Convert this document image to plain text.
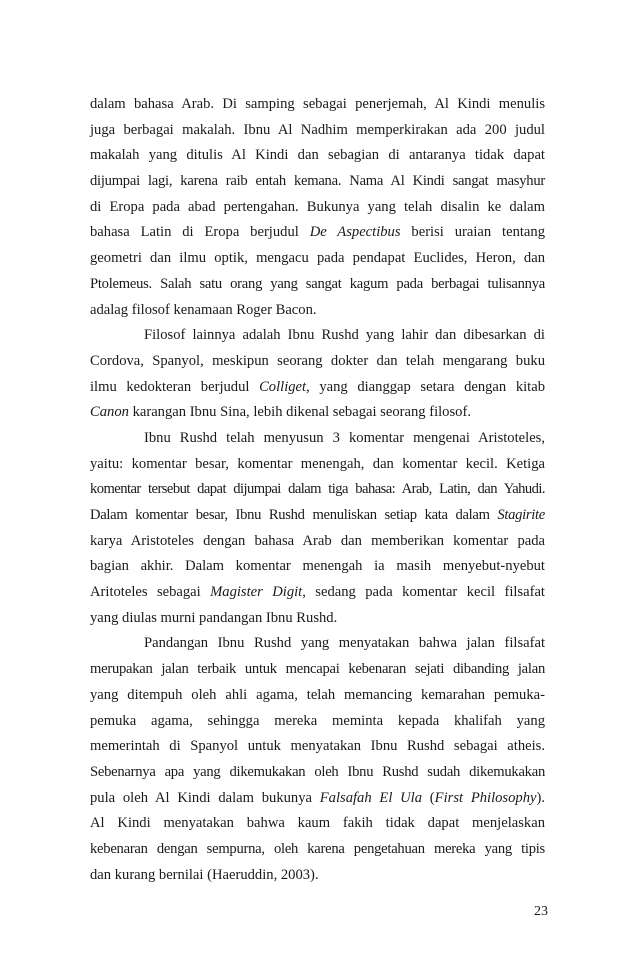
dalam bahasa Arab. Di samping sebagai penerjemah, Al Kindi menulis
juga berbagai makalah. Ibnu Al Nadhim memperkirakan ada 200 judul
makalah yang ditulis Al Kindi dan sebagian di antaranya tidak dapat
dijumpai lagi, karena raib entah kemana. Nama Al Kindi sangat masyhur
di Eropa pada abad pertengahan. Bukunya yang telah disalin ke dalam
bahasa Latin di Eropa berjudul De Aspectibus berisi uraian tentang
geometri dan ilmu optik, mengacu pada pendapat Euclides, Heron, dan
Ptolemeus. Salah satu orang yang sangat kagum pada berbagai tulisannya
adalag filosof kenamaan Roger Bacon.
Filosof lainnya adalah Ibnu Rushd yang lahir dan dibesarkan di
Cordova, Spanyol, meskipun seorang dokter dan telah mengarang buku
ilmu kedokteran berjudul Colliget, yang dianggap setara dengan kitab
Canon karangan Ibnu Sina, lebih dikenal sebagai seorang filosof.
Ibnu Rushd telah menyusun 3 komentar mengenai Aristoteles,
yaitu: komentar besar, komentar menengah, dan komentar kecil. Ketiga
komentar tersebut dapat dijumpai dalam tiga bahasa: Arab, Latin, dan Yahudi.
Dalam komentar besar, Ibnu Rushd menuliskan setiap kata dalam Stagirite
karya Aristoteles dengan bahasa Arab dan memberikan komentar pada
bagian akhir. Dalam komentar menengah ia masih menyebut-nyebut
Aritoteles sebagai Magister Digit, sedang pada komentar kecil filsafat
yang diulas murni pandangan Ibnu Rushd.
Pandangan Ibnu Rushd yang menyatakan bahwa jalan filsafat
merupakan jalan terbaik untuk mencapai kebenaran sejati dibanding jalan
yang ditempuh oleh ahli agama, telah memancing kemarahan pemuka-
pemuka agama, sehingga mereka meminta kepada khalifah yang
memerintah di Spanyol untuk menyatakan Ibnu Rushd sebagai atheis.
Sebenarnya apa yang dikemukakan oleh Ibnu Rushd sudah dikemukakan
pula oleh Al Kindi dalam bukunya Falsafah El Ula (First Philosophy).
Al Kindi menyatakan bahwa kaum fakih tidak dapat menjelaskan
kebenaran dengan sempurna, oleh karena pengetahuan mereka yang tipis
dan kurang bernilai (Haeruddin, 2003).
23
